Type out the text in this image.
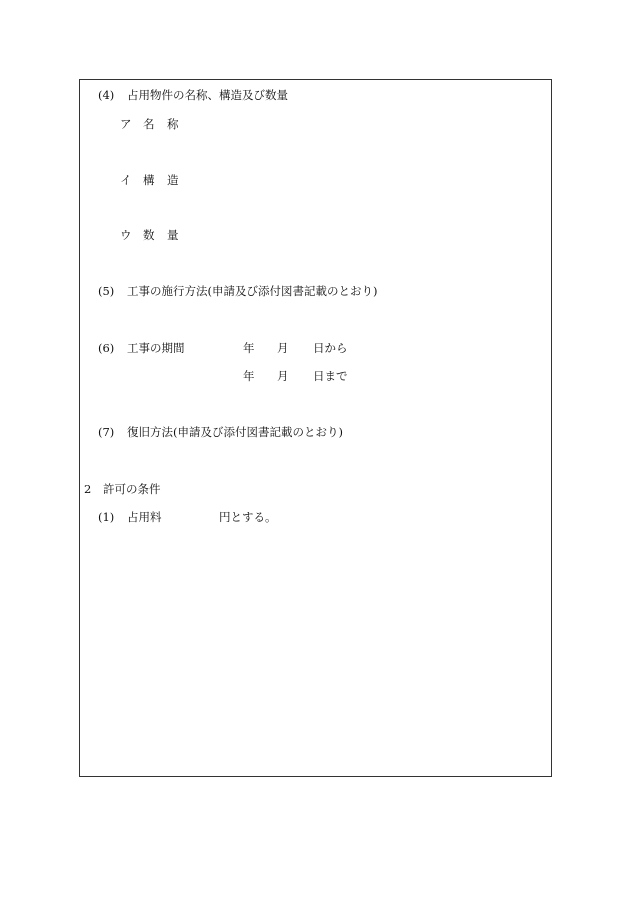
(4) 占用物件の名称、構造及び数量
ア 名 称
イ 構 造
ウ 数 量
(5) 工事の施行方法(申請及び添付図書記載のとおり)
(6) 工事の期間	年 月 日から
年 月 日まで
(7) 復旧方法(申請及び添付図書記載のとおり)
2 許可の条件
(1) 占用料	円とする。
